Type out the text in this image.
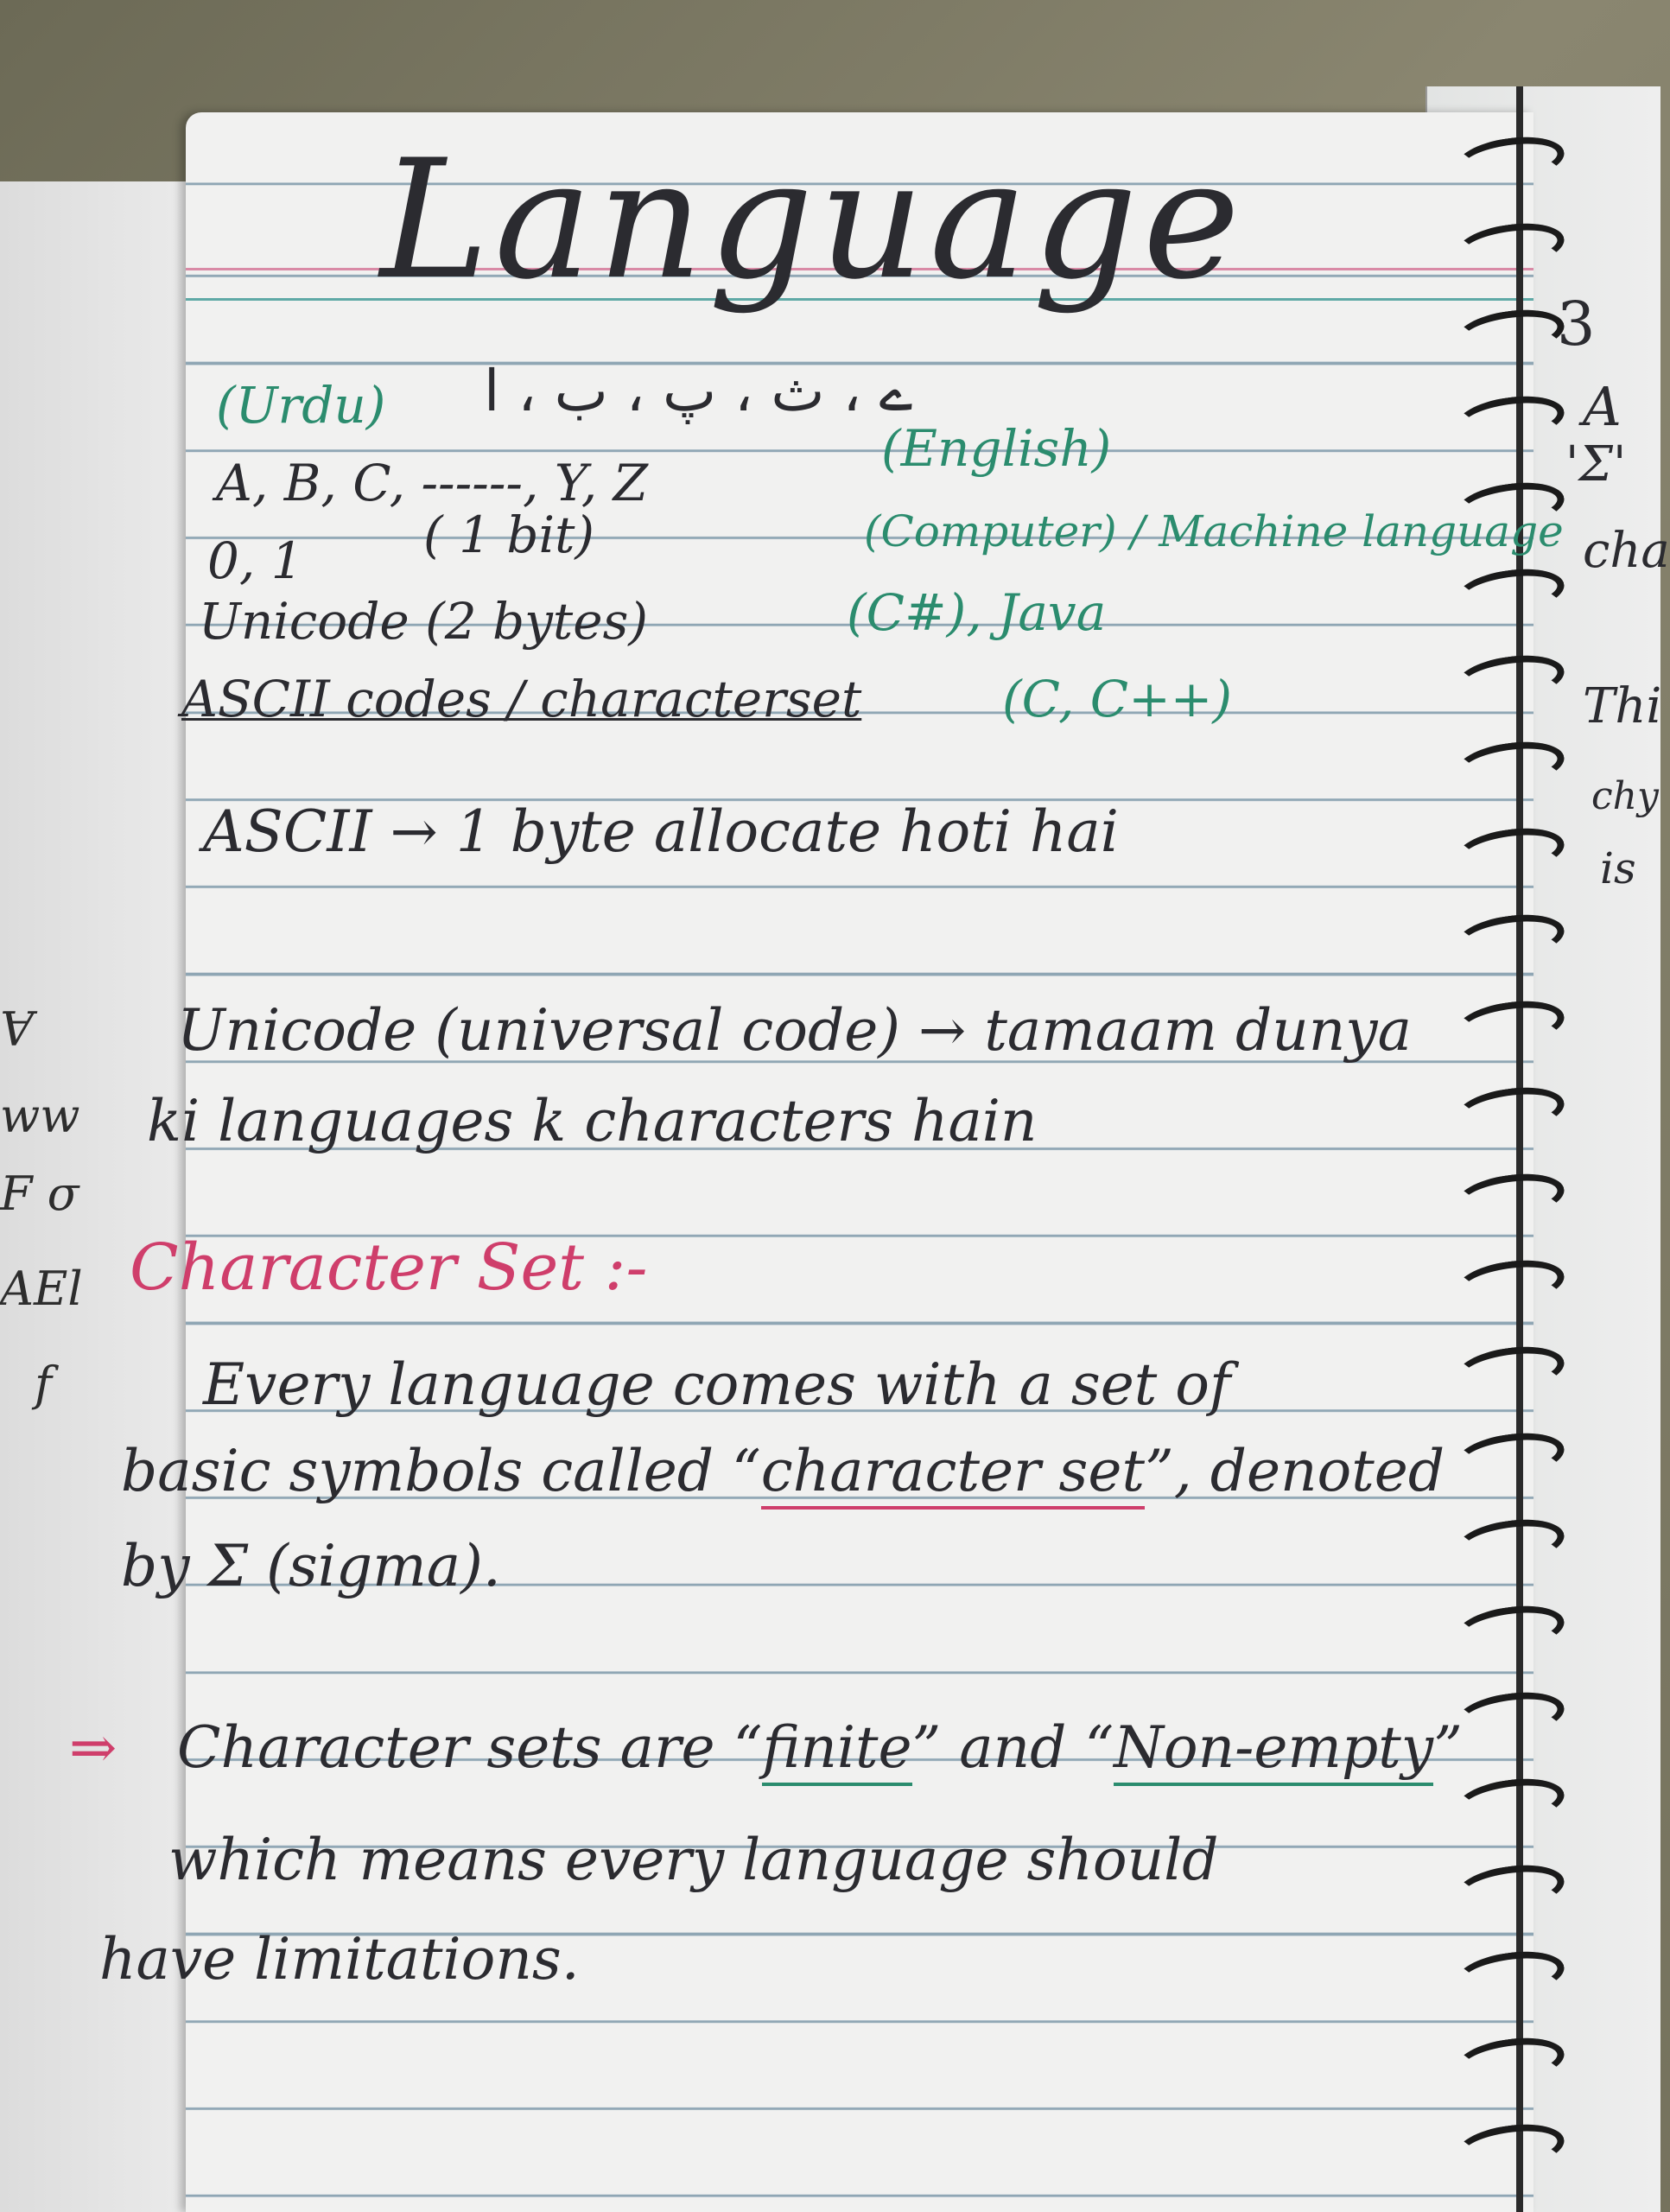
Ɐ
ww
F σ
AEl
f
3
A
'Σ'
cha
Thi
chy
is
Language
(Urdu) ے ، ث ، پ ، ب ، ا
A, B, C, ------, Y, Z
(English)
0, 1 ( 1 bit)	(Computer) / Machine language
Unicode (2 bytes)	(C#), Java
ASCII codes / characterset	(C, C++)
ASCII → 1 byte allocate hoti hai
Unicode (universal code) → tamaam dunya
ki languages k characters hain
Character Set :-
Every language comes with a set of
basic symbols called “character set”, denoted
by Σ (sigma).
⇒ Character sets are “finite” and “Non-empty”
which means every language should
have limitations.
